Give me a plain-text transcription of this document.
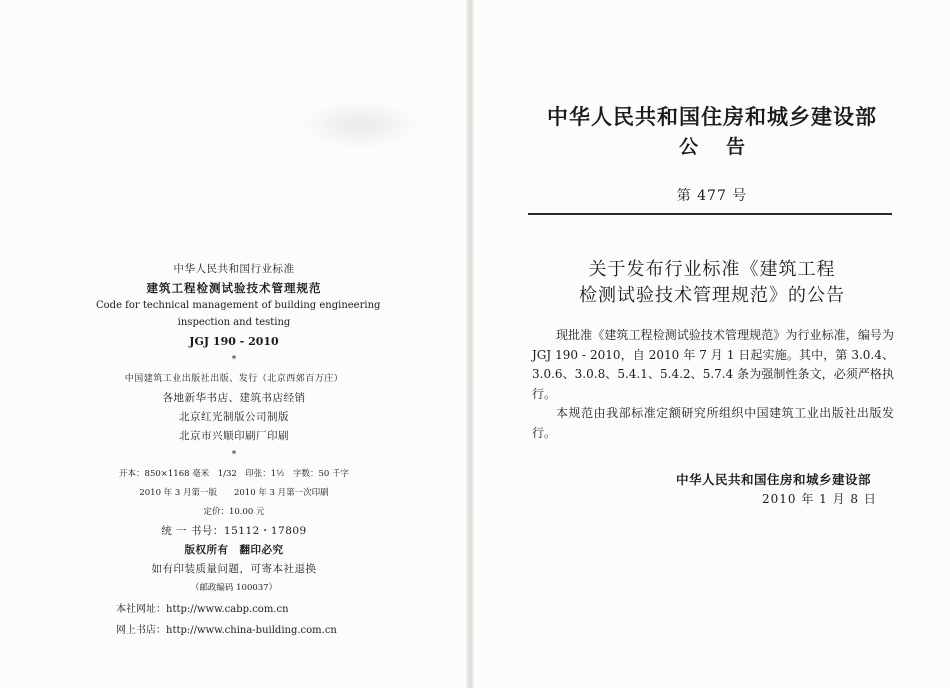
中华人民共和国行业标准
建筑工程检测试验技术管理规范
Code for technical management of building engineering
inspection and testing
JGJ 190 - 2010
*
中国建筑工业出版社出版、发行（北京西郊百万庄）
各地新华书店、建筑书店经销
北京红光制版公司制版
北京市兴顺印刷厂印刷
*
开本：850×1168 毫米　1/32　印张：1½　字数：50 千字
2010 年 3 月第一版　　2010 年 3 月第一次印刷
定价：10.00 元
统 一 书号：15112・17809
版权所有　翻印必究
如有印装质量问题，可寄本社退换
（邮政编码 100037）
本社网址：http://www.cabp.com.cn
网上书店：http://www.china-building.com.cn
中华人民共和国住房和城乡建设部
公告
第 477 号
关于发布行业标准《建筑工程
检测试验技术管理规范》的公告

现批准《建筑工程检测试验技术管理规范》为行业标准，编号为 JGJ 190 - 2010，自 2010 年 7 月 1 日起实施。其中，第 3.0.4、3.0.6、3.0.8、5.4.1、5.4.2、5.7.4 条为强制性条文，必须严格执行。

本规范由我部标准定额研究所组织中国建筑工业出版社出版发行。

中华人民共和国住房和城乡建设部
2010 年 1 月 8 日
